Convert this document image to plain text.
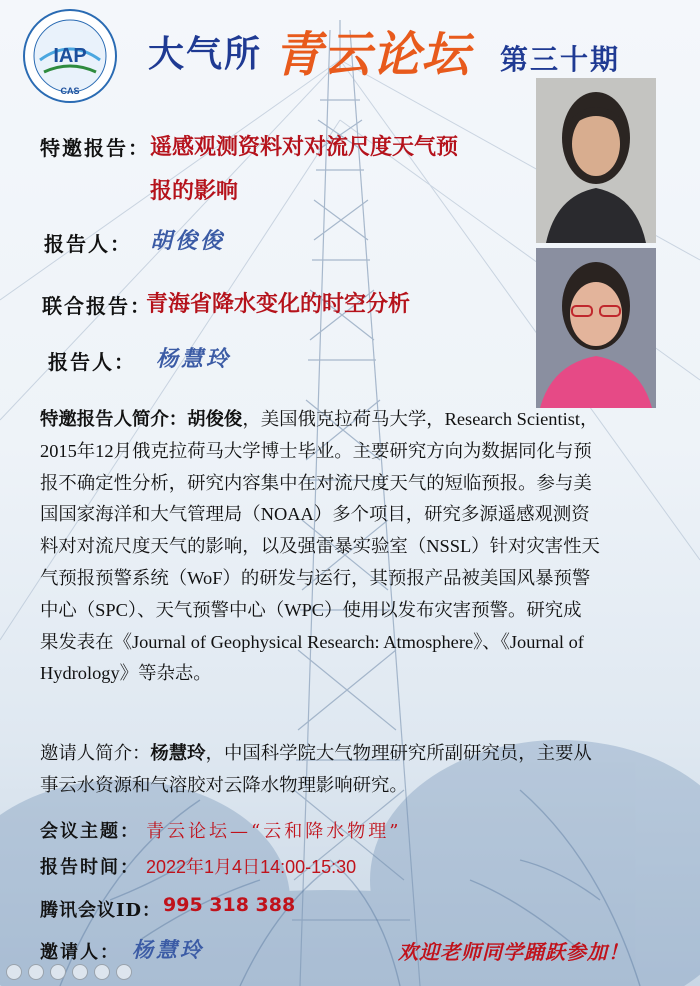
IAP
CAS
大气所 青云论坛 第三十期
特邀报告： 遥感观测资料对对流尺度天气预
报的影响
报告人： 胡俊俊
联合报告：
青海省降水变化的时空分析
报告人： 杨慧玲
特邀报告人简介：胡俊俊，美国俄克拉荷马大学，Research Scientist，
2015年12月俄克拉荷马大学博士毕业。主要研究方向为数据同化与预
报不确定性分析，研究内容集中在对流尺度天气的短临预报。参与美
国国家海洋和大气管理局（NOAA）多个项目，研究多源遥感观测资
料对对流尺度天气的影响，以及强雷暴实验室（NSSL）针对灾害性天
气预报预警系统（WoF）的研发与运行，其预报产品被美国风暴预警
中心（SPC）、天气预警中心（WPC）使用以发布灾害预警。研究成
果发表在《Journal of Geophysical Research: Atmosphere》、《Journal of
Hydrology》等杂志。
邀请人简介：杨慧玲，中国科学院大气物理研究所副研究员，主要从
事云水资源和气溶胶对云降水物理影响研究。
会议主题： 青云论坛—“云和降水物理”
报告时间： 2022年1月4日14:00-15:30
腾讯会议ID： 995 318 388
邀请人： 杨慧玲	欢迎老师同学踊跃参加！
